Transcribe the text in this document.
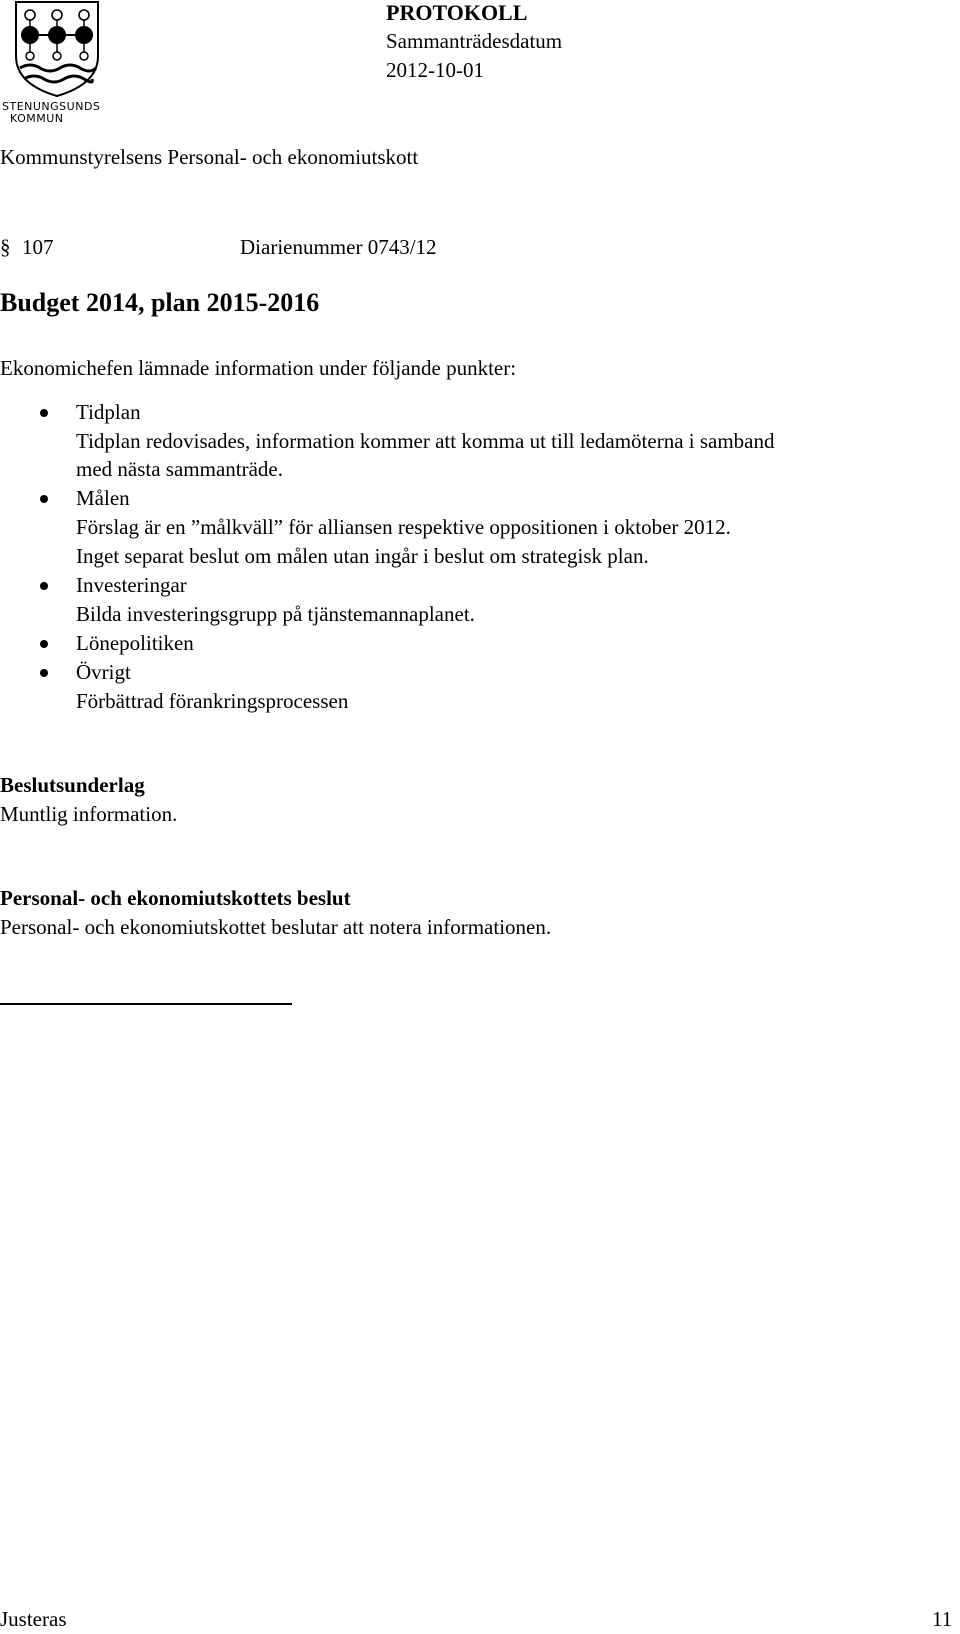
STENUNGSUNDS
KOMMUN
PROTOKOLL
Sammanträdesdatum
2012-10-01
Kommunstyrelsens Personal- och ekonomiutskott
§ 107	Diarienummer 0743/12
Budget 2014, plan 2015-2016
Ekonomichefen lämnade information under följande punkter:
Tidplan
Tidplan redovisades, information kommer att komma ut till ledamöterna i samband
med nästa sammanträde.
Målen
Förslag är en ”målkväll” för alliansen respektive oppositionen i oktober 2012.
Inget separat beslut om målen utan ingår i beslut om strategisk plan.
Investeringar
Bilda investeringsgrupp på tjänstemannaplanet.
Lönepolitiken
Övrigt
Förbättrad förankringsprocessen
Beslutsunderlag
Muntlig information.
Personal- och ekonomiutskottets beslut
Personal- och ekonomiutskottet beslutar att notera informationen.
Justeras	11
